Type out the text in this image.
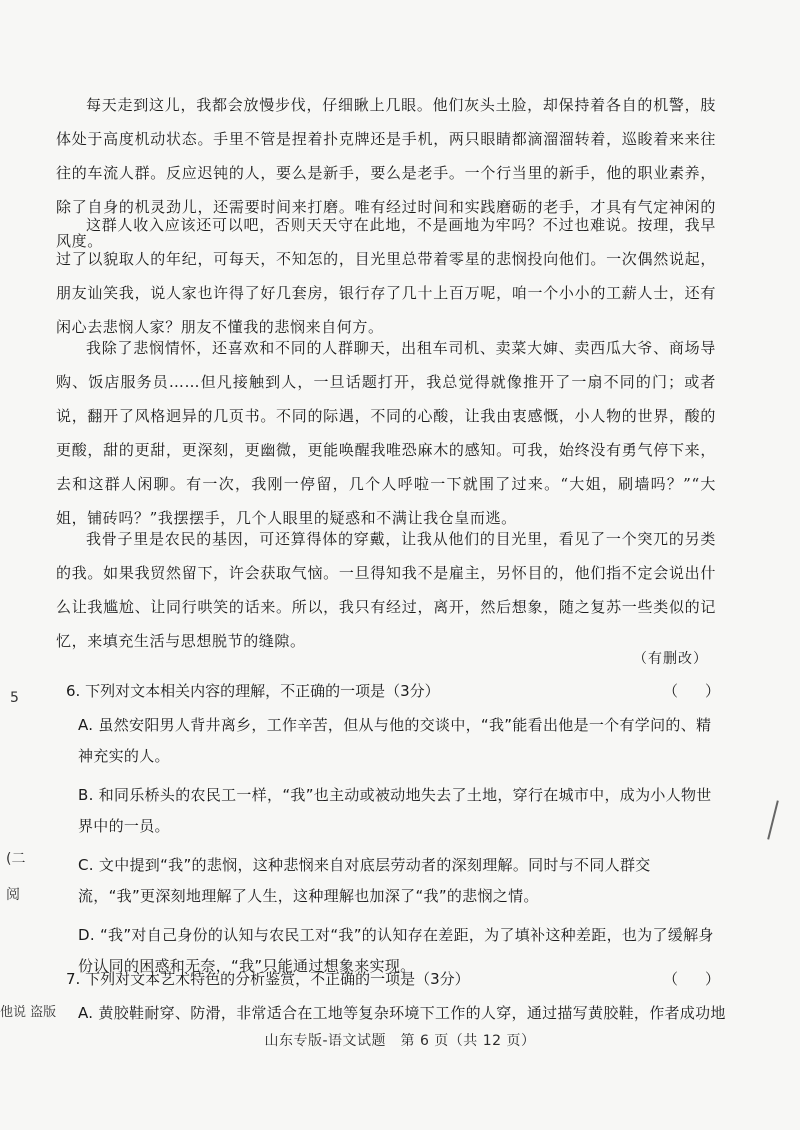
每天走到这儿，我都会放慢步伐，仔细瞅上几眼。他们灰头土脸，却保持着各自的机警，肢体处于高度机动状态。手里不管是捏着扑克牌还是手机，两只眼睛都滴溜溜转着，巡睃着来来往往的车流人群。反应迟钝的人，要么是新手，要么是老手。一个行当里的新手，他的职业素养，除了自身的机灵劲儿，还需要时间来打磨。唯有经过时间和实践磨砺的老手，才具有气定神闲的风度。

这群人收入应该还可以吧，否则天天守在此地，不是画地为牢吗？不过也难说。按理，我早过了以貌取人的年纪，可每天，不知怎的，目光里总带着零星的悲悯投向他们。一次偶然说起，朋友讪笑我，说人家也许得了好几套房，银行存了几十上百万呢，咱一个小小的工薪人士，还有闲心去悲悯人家？朋友不懂我的悲悯来自何方。

我除了悲悯情怀，还喜欢和不同的人群聊天，出租车司机、卖菜大婶、卖西瓜大爷、商场导购、饭店服务员……但凡接触到人，一旦话题打开，我总觉得就像推开了一扇不同的门；或者说，翻开了风格迥异的几页书。不同的际遇，不同的心酸，让我由衷感慨，小人物的世界，酸的更酸，甜的更甜，更深刻，更幽微，更能唤醒我唯恐麻木的感知。可我，始终没有勇气停下来，去和这群人闲聊。有一次，我刚一停留，几个人呼啦一下就围了过来。“大姐，刷墙吗？”“大姐，铺砖吗？”我摆摆手，几个人眼里的疑惑和不满让我仓皇而逃。

我骨子里是农民的基因，可还算得体的穿戴，让我从他们的目光里，看见了一个突兀的另类的我。如果我贸然留下，许会获取气恼。一旦得知我不是雇主，另怀目的，他们指不定会说出什么让我尴尬、让同行哄笑的话来。所以，我只有经过，离开，然后想象，随之复苏一些类似的记忆，来填充生活与思想脱节的缝隙。

（有删改）
6. 下列对文本相关内容的理解，不正确的一项是（3分）	（　）
A. 虽然安阳男人背井离乡，工作辛苦，但从与他的交谈中，“我”能看出他是一个有学问的、精神充实的人。
B. 和同乐桥头的农民工一样，“我”也主动或被动地失去了土地，穿行在城市中，成为小人物世界中的一员。
C. 文中提到“我”的悲悯，这种悲悯来自对底层劳动者的深刻理解。同时与不同人群交流，“我”更深刻地理解了人生，这种理解也加深了“我”的悲悯之情。
D. “我”对自己身份的认知与农民工对“我”的认知存在差距，为了填补这种差距，也为了缓解身份认同的困惑和无奈，“我”只能通过想象来实现。
7. 下列对文本艺术特色的分析鉴赏，不正确的一项是（3分）	（　）
A. 黄胶鞋耐穿、防滑，非常适合在工地等复杂环境下工作的人穿，通过描写黄胶鞋，作者成功地
山东专版-语文试题　第 6 页（共 12 页）
5
(二
阅
他说 盗版
